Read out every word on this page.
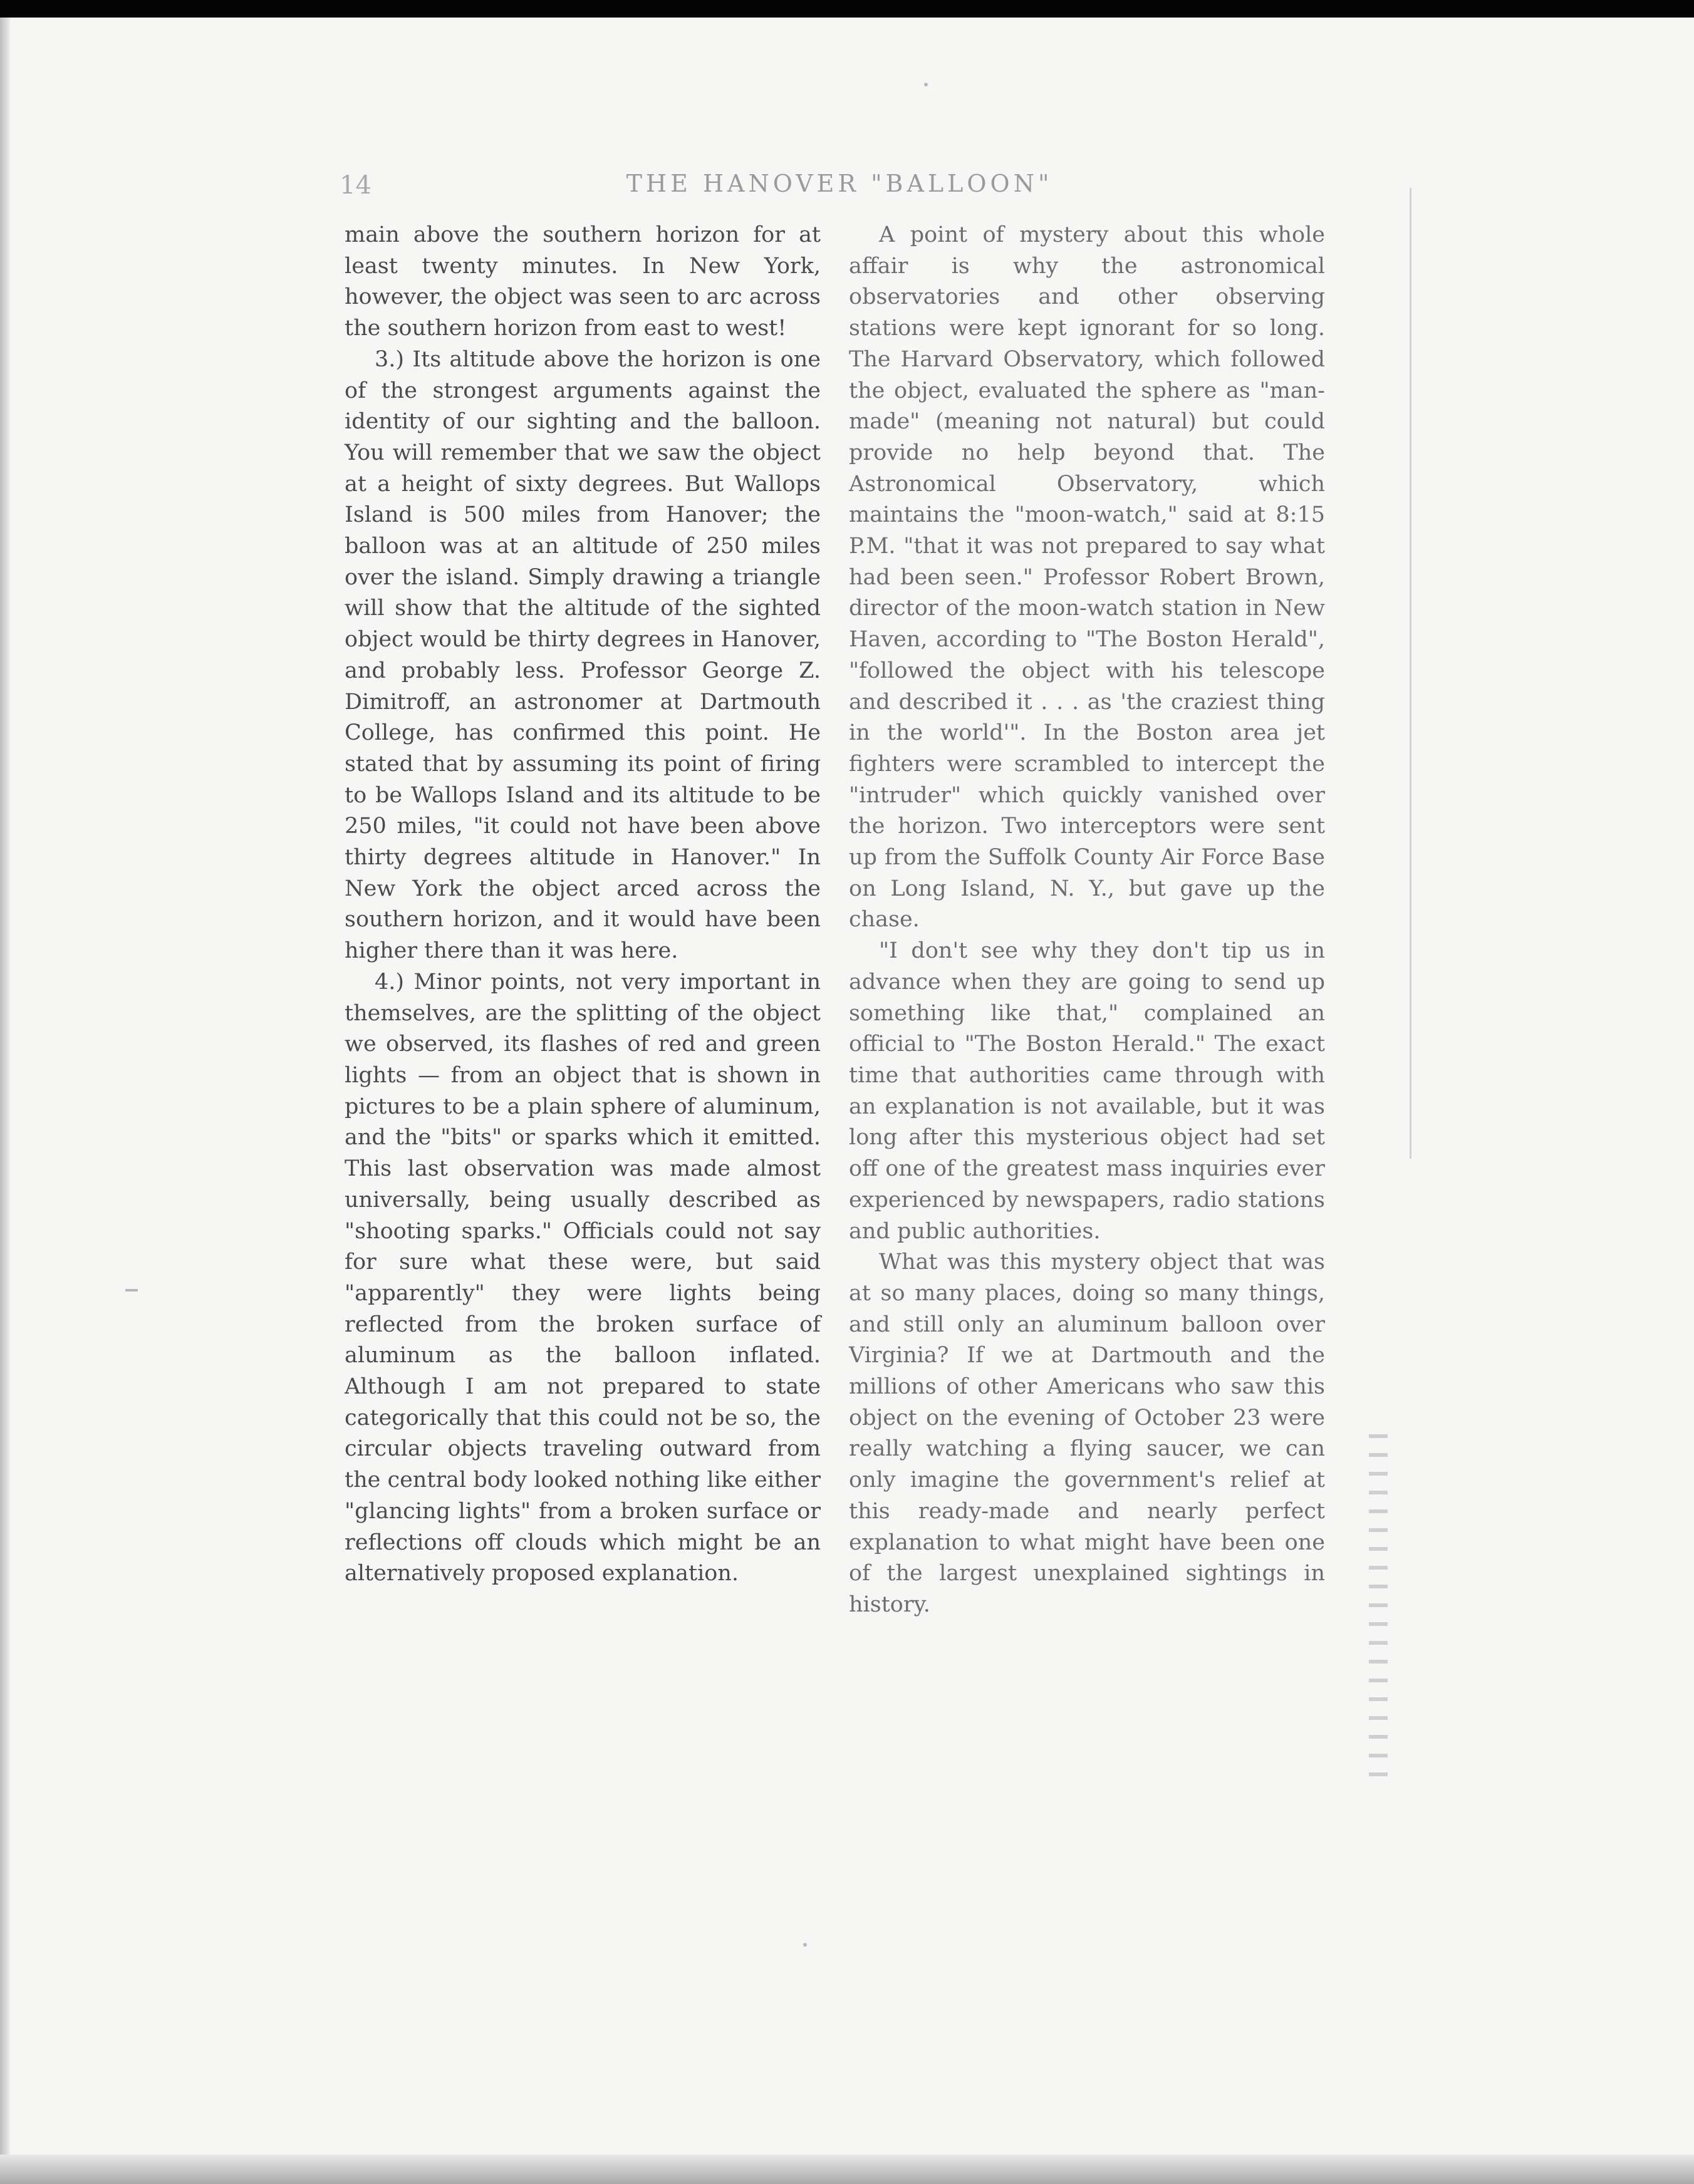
14	THE HANOVER "BALLOON"

main above the southern horizon for at least twenty minutes. In New York, however, the object was seen to arc across the southern horizon from east to west!

3.) Its altitude above the horizon is one of the strongest arguments against the identity of our sighting and the balloon. You will remember that we saw the object at a height of sixty degrees. But Wallops Island is 500 miles from Hanover; the balloon was at an altitude of 250 miles over the island. Simply drawing a triangle will show that the altitude of the sighted object would be thirty degrees in Hanover, and probably less. Professor George Z. Dimitroff, an astronomer at Dartmouth College, has confirmed this point. He stated that by assuming its point of firing to be Wallops Island and its altitude to be 250 miles, "it could not have been above thirty degrees altitude in Hanover." In New York the object arced across the southern horizon, and it would have been higher there than it was here.

4.) Minor points, not very important in themselves, are the splitting of the object we observed, its flashes of red and green lights — from an object that is shown in pictures to be a plain sphere of aluminum, and the "bits" or sparks which it emitted. This last observation was made almost universally, being usually described as "shooting sparks." Officials could not say for sure what these were, but said "apparently" they were lights being reflected from the broken surface of aluminum as the balloon inflated. Although I am not prepared to state categorically that this could not be so, the circular objects traveling outward from the central body looked nothing like either "glancing lights" from a broken surface or reflections off clouds which might be an alternatively proposed explanation.

A point of mystery about this whole affair is why the astronomical observatories and other observing stations were kept ignorant for so long. The Harvard Observatory, which followed the object, evaluated the sphere as "man-made" (meaning not natural) but could provide no help beyond that. The Astronomical Observatory, which maintains the "moon-watch," said at 8:15 P.M. "that it was not prepared to say what had been seen." Professor Robert Brown, director of the moon-watch station in New Haven, according to "The Boston Herald", "followed the object with his telescope and described it . . . as 'the craziest thing in the world'". In the Boston area jet fighters were scrambled to intercept the "intruder" which quickly vanished over the horizon. Two interceptors were sent up from the Suffolk County Air Force Base on Long Island, N. Y., but gave up the chase.

"I don't see why they don't tip us in advance when they are going to send up something like that," complained an official to "The Boston Herald." The exact time that authorities came through with an explanation is not available, but it was long after this mysterious object had set off one of the greatest mass inquiries ever experienced by newspapers, radio stations and public authorities.

What was this mystery object that was at so many places, doing so many things, and still only an aluminum balloon over Virginia? If we at Dartmouth and the millions of other Americans who saw this object on the evening of October 23 were really watching a flying saucer, we can only imagine the government's relief at this ready-made and nearly perfect explanation to what might have been one of the largest unexplained sightings in history.
